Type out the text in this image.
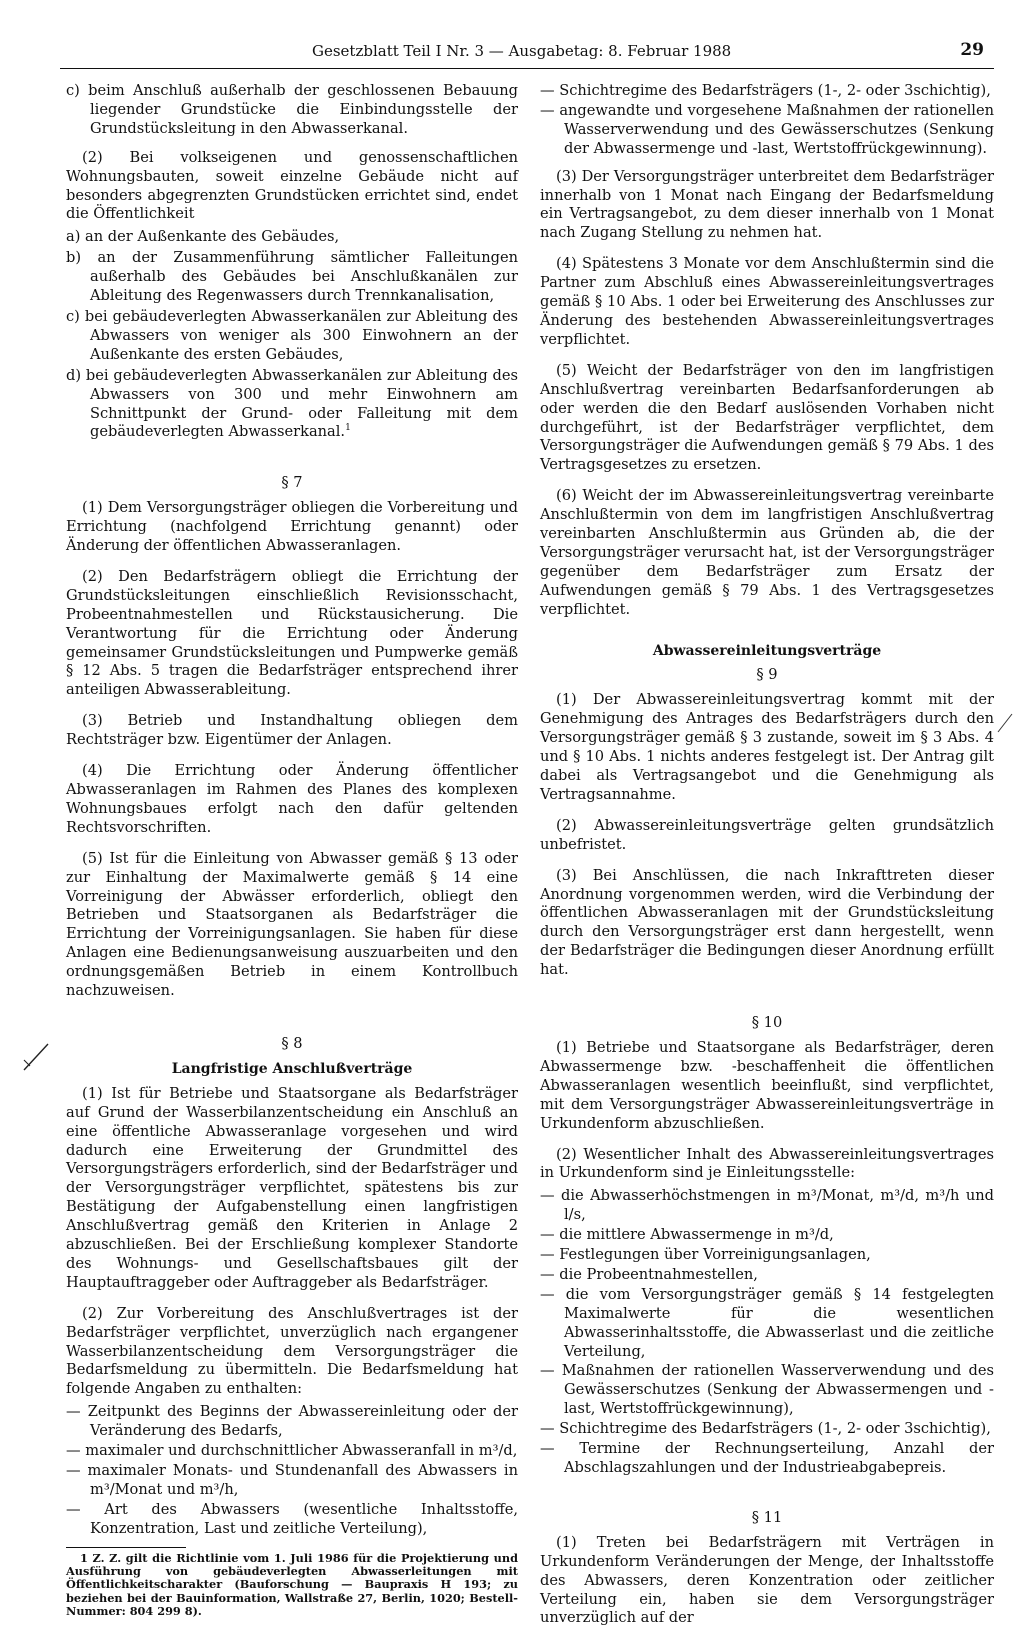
Gesetzblatt Teil I Nr. 3 — Ausgabetag: 8. Februar 1988	29

c) beim Anschluß außerhalb der geschlossenen Bebauung liegender Grundstücke die Einbindungsstelle der Grundstücksleitung in den Abwasserkanal.

(2) Bei volkseigenen und genossenschaftlichen Wohnungsbauten, soweit einzelne Gebäude nicht auf besonders abgegrenzten Grundstücken errichtet sind, endet die Öffentlichkeit

a) an der Außenkante des Gebäudes,

b) an der Zusammenführung sämtlicher Falleitungen außerhalb des Gebäudes bei Anschlußkanälen zur Ableitung des Regenwassers durch Trennkanalisation,

c) bei gebäudeverlegten Abwasserkanälen zur Ableitung des Abwassers von weniger als 300 Einwohnern an der Außenkante des ersten Gebäudes,

d) bei gebäudeverlegten Abwasserkanälen zur Ableitung des Abwassers von 300 und mehr Einwohnern am Schnittpunkt der Grund- oder Falleitung mit dem gebäudeverlegten Abwasserkanal.$^1$

§ 7

(1) Dem Versorgungsträger obliegen die Vorbereitung und Errichtung (nachfolgend Errichtung genannt) oder Änderung der öffentlichen Abwasseranlagen.

(2) Den Bedarfsträgern obliegt die Errichtung der Grundstücksleitungen einschließlich Revisionsschacht, Probeentnahmestellen und Rückstausicherung. Die Verantwortung für die Errichtung oder Änderung gemeinsamer Grundstücksleitungen und Pumpwerke gemäß § 12 Abs. 5 tragen die Bedarfsträger entsprechend ihrer anteiligen Abwasserableitung.

(3) Betrieb und Instandhaltung obliegen dem Rechtsträger bzw. Eigentümer der Anlagen.

(4) Die Errichtung oder Änderung öffentlicher Abwasseranlagen im Rahmen des Planes des komplexen Wohnungsbaues erfolgt nach den dafür geltenden Rechtsvorschriften.

(5) Ist für die Einleitung von Abwasser gemäß § 13 oder zur Einhaltung der Maximalwerte gemäß § 14 eine Vorreinigung der Abwässer erforderlich, obliegt den Betrieben und Staatsorganen als Bedarfsträger die Errichtung der Vorreinigungsanlagen. Sie haben für diese Anlagen eine Bedienungsanweisung auszuarbeiten und den ordnungsgemäßen Betrieb in einem Kontrollbuch nachzuweisen.

§ 8

Langfristige Anschlußverträge

(1) Ist für Betriebe und Staatsorgane als Bedarfsträger auf Grund der Wasserbilanzentscheidung ein Anschluß an eine öffentliche Abwasseranlage vorgesehen und wird dadurch eine Erweiterung der Grundmittel des Versorgungsträgers erforderlich, sind der Bedarfsträger und der Versorgungsträger verpflichtet, spätestens bis zur Bestätigung der Aufgabenstellung einen langfristigen Anschlußvertrag gemäß den Kriterien in Anlage 2 abzuschließen. Bei der Erschließung komplexer Standorte des Wohnungs- und Gesellschaftsbaues gilt der Hauptauftraggeber oder Auftraggeber als Bedarfsträger.

(2) Zur Vorbereitung des Anschlußvertrages ist der Bedarfsträger verpflichtet, unverzüglich nach ergangener Wasserbilanzentscheidung dem Versorgungsträger die Bedarfsmeldung zu übermitteln. Die Bedarfsmeldung hat folgende Angaben zu enthalten:

— Zeitpunkt des Beginns der Abwassereinleitung oder der Veränderung des Bedarfs,

— maximaler und durchschnittlicher Abwasseranfall in m³/d,

— maximaler Monats- und Stundenanfall des Abwassers in m³/Monat und m³/h,

— Art des Abwassers (wesentliche Inhaltsstoffe, Konzentration, Last und zeitliche Verteilung),

1 Z. Z. gilt die Richtlinie vom 1. Juli 1986 für die Projektierung und Ausführung von gebäudeverlegten Abwasserleitungen mit Öffentlichkeitscharakter (Bauforschung — Baupraxis H 193; zu beziehen bei der Bauinformation, Wallstraße 27, Berlin, 1020; Bestell-Nummer: 804 299 8).

— Schichtregime des Bedarfsträgers (1-, 2- oder 3schichtig),

— angewandte und vorgesehene Maßnahmen der rationellen Wasserverwendung und des Gewässerschutzes (Senkung der Abwassermenge und -last, Wertstoffrückgewinnung).

(3) Der Versorgungsträger unterbreitet dem Bedarfsträger innerhalb von 1 Monat nach Eingang der Bedarfsmeldung ein Vertragsangebot, zu dem dieser innerhalb von 1 Monat nach Zugang Stellung zu nehmen hat.

(4) Spätestens 3 Monate vor dem Anschlußtermin sind die Partner zum Abschluß eines Abwassereinleitungsvertrages gemäß § 10 Abs. 1 oder bei Erweiterung des Anschlusses zur Änderung des bestehenden Abwassereinleitungsvertrages verpflichtet.

(5) Weicht der Bedarfsträger von den im langfristigen Anschlußvertrag vereinbarten Bedarfsanforderungen ab oder werden die den Bedarf auslösenden Vorhaben nicht durchgeführt, ist der Bedarfsträger verpflichtet, dem Versorgungsträger die Aufwendungen gemäß § 79 Abs. 1 des Vertragsgesetzes zu ersetzen.

(6) Weicht der im Abwassereinleitungsvertrag vereinbarte Anschlußtermin von dem im langfristigen Anschlußvertrag vereinbarten Anschlußtermin aus Gründen ab, die der Versorgungsträger verursacht hat, ist der Versorgungsträger gegenüber dem Bedarfsträger zum Ersatz der Aufwendungen gemäß § 79 Abs. 1 des Vertragsgesetzes verpflichtet.

Abwassereinleitungsverträge

§ 9

(1) Der Abwassereinleitungsvertrag kommt mit der Genehmigung des Antrages des Bedarfsträgers durch den Versorgungsträger gemäß § 3 zustande, soweit im § 3 Abs. 4 und § 10 Abs. 1 nichts anderes festgelegt ist. Der Antrag gilt dabei als Vertragsangebot und die Genehmigung als Vertragsannahme.

(2) Abwassereinleitungsverträge gelten grundsätzlich unbefristet.

(3) Bei Anschlüssen, die nach Inkrafttreten dieser Anordnung vorgenommen werden, wird die Verbindung der öffentlichen Abwasseranlagen mit der Grundstücksleitung durch den Versorgungsträger erst dann hergestellt, wenn der Bedarfsträger die Bedingungen dieser Anordnung erfüllt hat.

§ 10

(1) Betriebe und Staatsorgane als Bedarfsträger, deren Abwassermenge bzw. -beschaffenheit die öffentlichen Abwasseranlagen wesentlich beeinflußt, sind verpflichtet, mit dem Versorgungsträger Abwassereinleitungsverträge in Urkundenform abzuschließen.

(2) Wesentlicher Inhalt des Abwassereinleitungsvertrages in Urkundenform sind je Einleitungsstelle:

— die Abwasserhöchstmengen in m³/Monat, m³/d, m³/h und l/s,

— die mittlere Abwassermenge in m³/d,

— Festlegungen über Vorreinigungsanlagen,

— die Probeentnahmestellen,

— die vom Versorgungsträger gemäß § 14 festgelegten Maximalwerte für die wesentlichen Abwasserinhaltsstoffe, die Abwasserlast und die zeitliche Verteilung,

— Maßnahmen der rationellen Wasserverwendung und des Gewässerschutzes (Senkung der Abwassermengen und -last, Wertstoffrückgewinnung),

— Schichtregime des Bedarfsträgers (1-, 2- oder 3schichtig),

— Termine der Rechnungserteilung, Anzahl der Abschlagszahlungen und der Industrieabgabepreis.

§ 11

(1) Treten bei Bedarfsträgern mit Verträgen in Urkundenform Veränderungen der Menge, der Inhaltsstoffe des Abwassers, deren Konzentration oder zeitlicher Verteilung ein, haben sie dem Versorgungsträger unverzüglich auf der
